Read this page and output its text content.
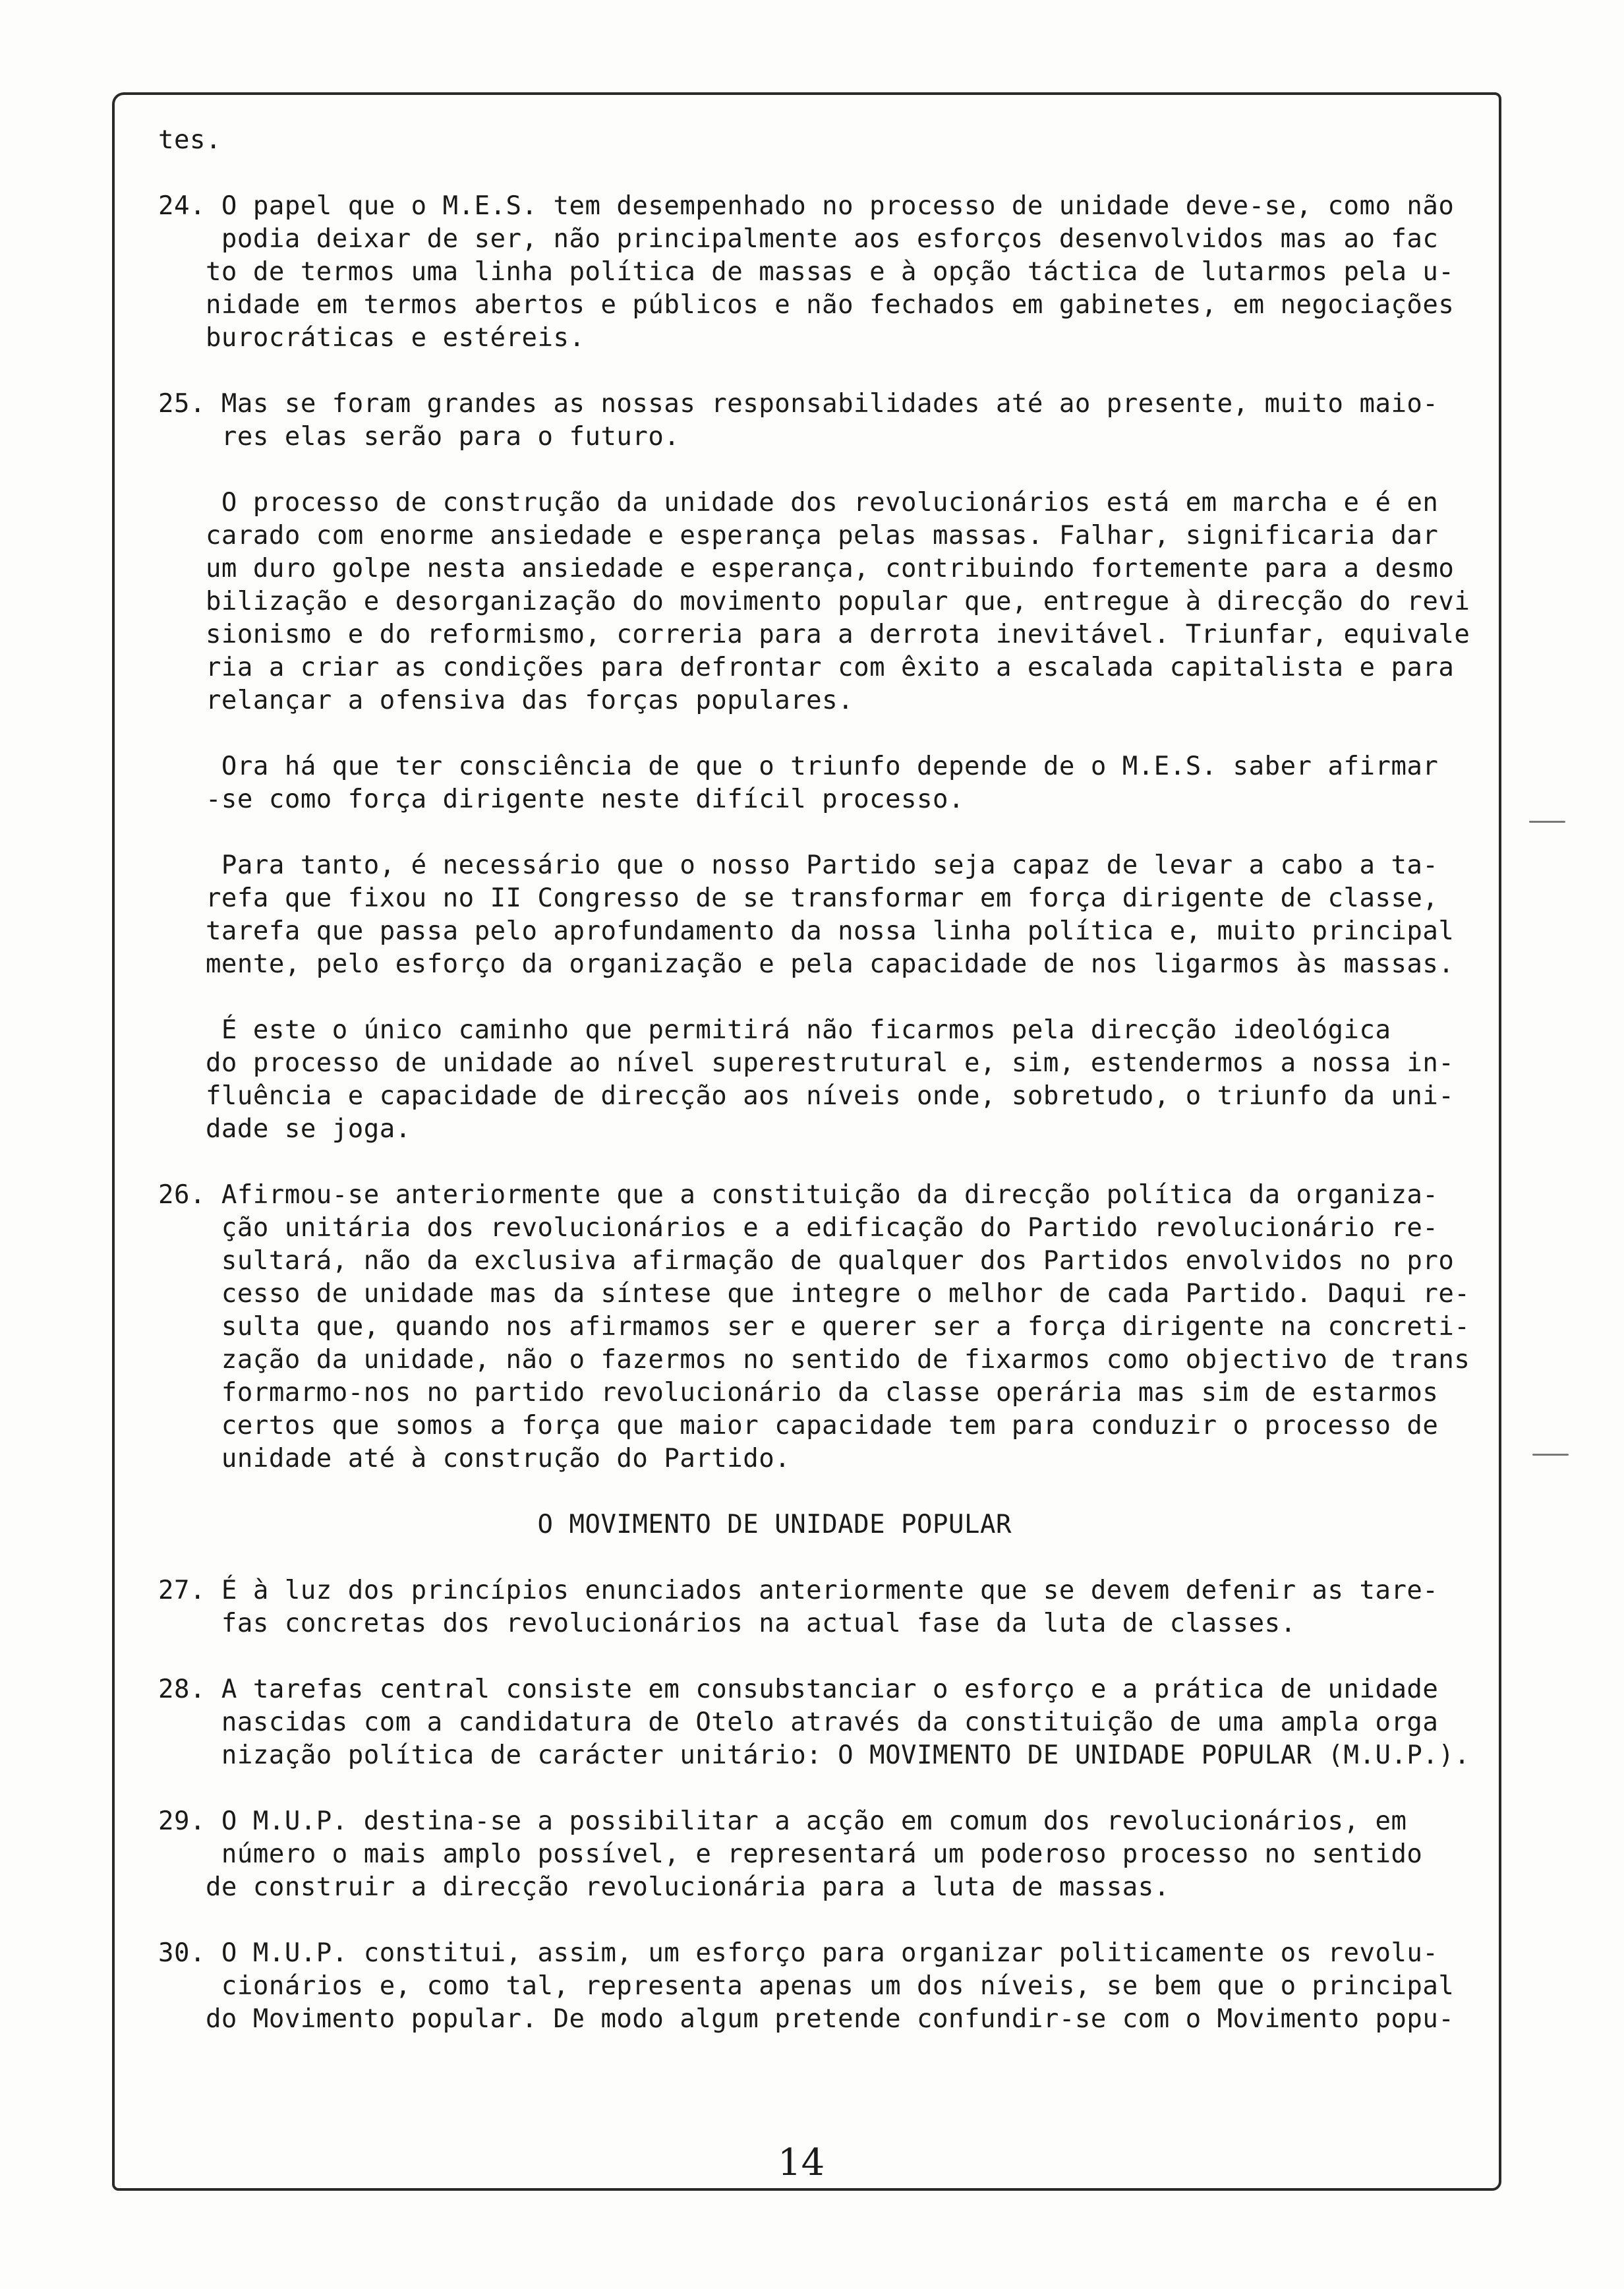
tes.
24. O papel que o M.E.S. tem desempenhado no processo de unidade deve-se, como não
podia deixar de ser, não principalmente aos esforços desenvolvidos mas ao fac
to de termos uma linha política de massas e à opção táctica de lutarmos pela u-
nidade em termos abertos e públicos e não fechados em gabinetes, em negociações
burocráticas e estéreis.
25. Mas se foram grandes as nossas responsabilidades até ao presente, muito maio-
res elas serão para o futuro.
O processo de construção da unidade dos revolucionários está em marcha e é en
carado com enorme ansiedade e esperança pelas massas. Falhar, significaria dar
um duro golpe nesta ansiedade e esperança, contribuindo fortemente para a desmo
bilização e desorganização do movimento popular que, entregue à direcção do revi
sionismo e do reformismo, correria para a derrota inevitável. Triunfar, equivale
ria a criar as condições para defrontar com êxito a escalada capitalista e para
relançar a ofensiva das forças populares.
Ora há que ter consciência de que o triunfo depende de o M.E.S. saber afirmar
-se como força dirigente neste difícil processo.
Para tanto, é necessário que o nosso Partido seja capaz de levar a cabo a ta-
refa que fixou no II Congresso de se transformar em força dirigente de classe,
tarefa que passa pelo aprofundamento da nossa linha política e, muito principal
mente, pelo esforço da organização e pela capacidade de nos ligarmos às massas.
É este o único caminho que permitirá não ficarmos pela direcção ideológica
do processo de unidade ao nível superestrutural e, sim, estendermos a nossa in-
fluência e capacidade de direcção aos níveis onde, sobretudo, o triunfo da uni-
dade se joga.
26. Afirmou-se anteriormente que a constituição da direcção política da organiza-
ção unitária dos revolucionários e a edificação do Partido revolucionário re-
sultará, não da exclusiva afirmação de qualquer dos Partidos envolvidos no pro
cesso de unidade mas da síntese que integre o melhor de cada Partido. Daqui re-
sulta que, quando nos afirmamos ser e querer ser a força dirigente na concreti-
zação da unidade, não o fazermos no sentido de fixarmos como objectivo de trans
formarmo-nos no partido revolucionário da classe operária mas sim de estarmos
certos que somos a força que maior capacidade tem para conduzir o processo de
unidade até à construção do Partido.
O MOVIMENTO DE UNIDADE POPULAR
27. É à luz dos princípios enunciados anteriormente que se devem defenir as tare-
fas concretas dos revolucionários na actual fase da luta de classes.
28. A tarefas central consiste em consubstanciar o esforço e a prática de unidade
nascidas com a candidatura de Otelo através da constituição de uma ampla orga
nização política de carácter unitário: O MOVIMENTO DE UNIDADE POPULAR (M.U.P.).
29. O M.U.P. destina-se a possibilitar a acção em comum dos revolucionários, em
número o mais amplo possível, e representará um poderoso processo no sentido
de construir a direcção revolucionária para a luta de massas.
30. O M.U.P. constitui, assim, um esforço para organizar politicamente os revolu-
cionários e, como tal, representa apenas um dos níveis, se bem que o principal
do Movimento popular. De modo algum pretende confundir-se com o Movimento popu-
14
